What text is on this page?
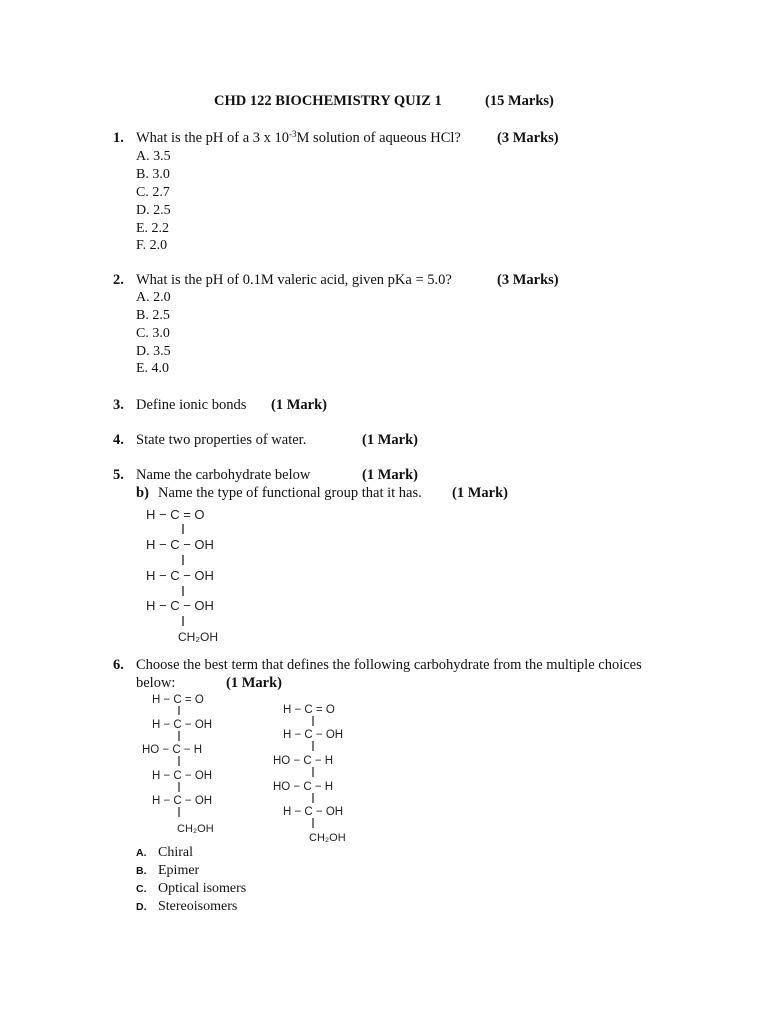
CHD 122 BIOCHEMISTRY QUIZ 1	(15 Marks)
1. What is the pH of a 3 x $10^{-3}M$ solution of aqueous HCl? (3 Marks)
A. 3.5
B. 3.0
C. 2.7
D. 2.5
E. 2.2
F. 2.0
2. What is the pH of 0.1M valeric acid, given pKa = 5.0?	(3 Marks)
A. 2.0
B. 2.5
C. 3.0
D. 3.5
E. 4.0
3. Define ionic bonds (1 Mark)
4. State two properties of water.	(1 Mark)
5. Name the carbohydrate below	(1 Mark)
b) Name the type of functional group that it has. (1 Mark)
H − C = O
H − C − OH
H − C − OH
H − C − OH
CH₂OH
6. Choose the best term that defines the following carbohydrate from the multiple choices
below:	(1 Mark)
H − C = O
H − C − OH
HO − C − H
H − C − OH
H − C − OH
CH₂OH
H − C = O
H − C − OH
HO − C − H
HO − C − H
H − C − OH
CH₂OH
A. Chiral
B. Epimer
C. Optical isomers
D. Stereoisomers
